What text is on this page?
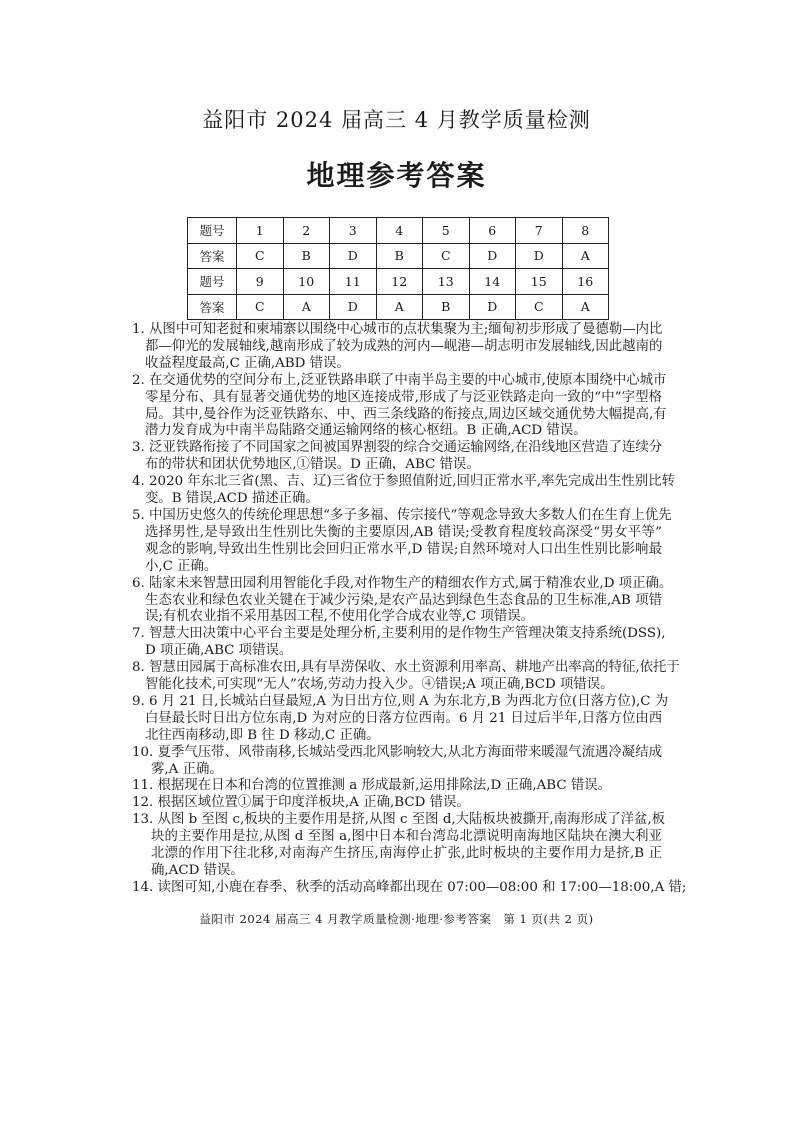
益阳市 2024 届高三 4 月教学质量检测
地理参考答案
题号	1	2	3	4	5	6	7	8
答案	C	B	D	B	C	D	D	A
题号	9	10	11	12	13	14	15	16
答案	C	A	D	A	B	D	C	A
1. 从图中可知老挝和柬埔寨以围绕中心城市的点状集聚为主;缅甸初步形成了曼德勒—内比
都—仰光的发展轴线,越南形成了较为成熟的河内—岘港—胡志明市发展轴线,因此越南的
收益程度最高,C 正确,ABD 错误。
2. 在交通优势的空间分布上,泛亚铁路串联了中南半岛主要的中心城市,使原本围绕中心城市
零星分布、具有显著交通优势的地区连接成带,形成了与泛亚铁路走向一致的“中”字型格
局。其中,曼谷作为泛亚铁路东、中、西三条线路的衔接点,周边区域交通优势大幅提高,有
潜力发育成为中南半岛陆路交通运输网络的核心枢纽。B 正确,ACD 错误。
3. 泛亚铁路衔接了不同国家之间被国界割裂的综合交通运输网络,在沿线地区营造了连续分
布的带状和团状优势地区,①错误。D 正确，ABC 错误。
4. 2020 年东北三省(黑、吉、辽)三省位于参照值附近,回归正常水平,率先完成出生性别比转
变。B 错误,ACD 描述正确。
5. 中国历史悠久的传统伦理思想“多子多福、传宗接代”等观念导致大多数人们在生育上优先
选择男性,是导致出生性别比失衡的主要原因,AB 错误;受教育程度较高深受“男女平等”
观念的影响,导致出生性别比会回归正常水平,D 错误;自然环境对人口出生性别比影响最
小,C 正确。
6. 陆家未来智慧田园利用智能化手段,对作物生产的精细农作方式,属于精准农业,D 项正确。
生态农业和绿色农业关键在于减少污染,是农产品达到绿色生态食品的卫生标准,AB 项错
误;有机农业指不采用基因工程,不使用化学合成农业等,C 项错误。
7. 智慧大田决策中心平台主要是处理分析,主要利用的是作物生产管理决策支持系统(DSS),
D 项正确,ABC 项错误。
8. 智慧田园属于高标准农田,具有旱涝保收、水土资源利用率高、耕地产出率高的特征,依托于
智能化技术,可实现“无人”农场,劳动力投入少。④错误;A 项正确,BCD 项错误。
9. 6 月 21 日,长城站白昼最短,A 为日出方位,则 A 为东北方,B 为西北方位(日落方位),C 为
白昼最长时日出方位东南,D 为对应的日落方位西南。6 月 21 日过后半年,日落方位由西
北往西南移动,即 B 往 D 移动,C 正确。
10. 夏季气压带、风带南移,长城站受西北风影响较大,从北方海面带来暖湿气流遇冷凝结成
雾,A 正确。
11. 根据现在日本和台湾的位置推测 a 形成最新,运用排除法,D 正确,ABC 错误。
12. 根据区域位置①属于印度洋板块,A 正确,BCD 错误。
13. 从图 b 至图 c,板块的主要作用是挤,从图 c 至图 d,大陆板块被撕开,南海形成了洋盆,板
块的主要作用是拉,从图 d 至图 a,图中日本和台湾岛北漂说明南海地区陆块在澳大利亚
北漂的作用下往北移,对南海产生挤压,南海停止扩张,此时板块的主要作用力是挤,B 正
确,ACD 错误。
14. 读图可知,小鹿在春季、秋季的活动高峰都出现在 07:00—08:00 和 17:00—18:00,A 错;
益阳市 2024 届高三 4 月教学质量检测·地理·参考答案　第 1 页(共 2 页)
